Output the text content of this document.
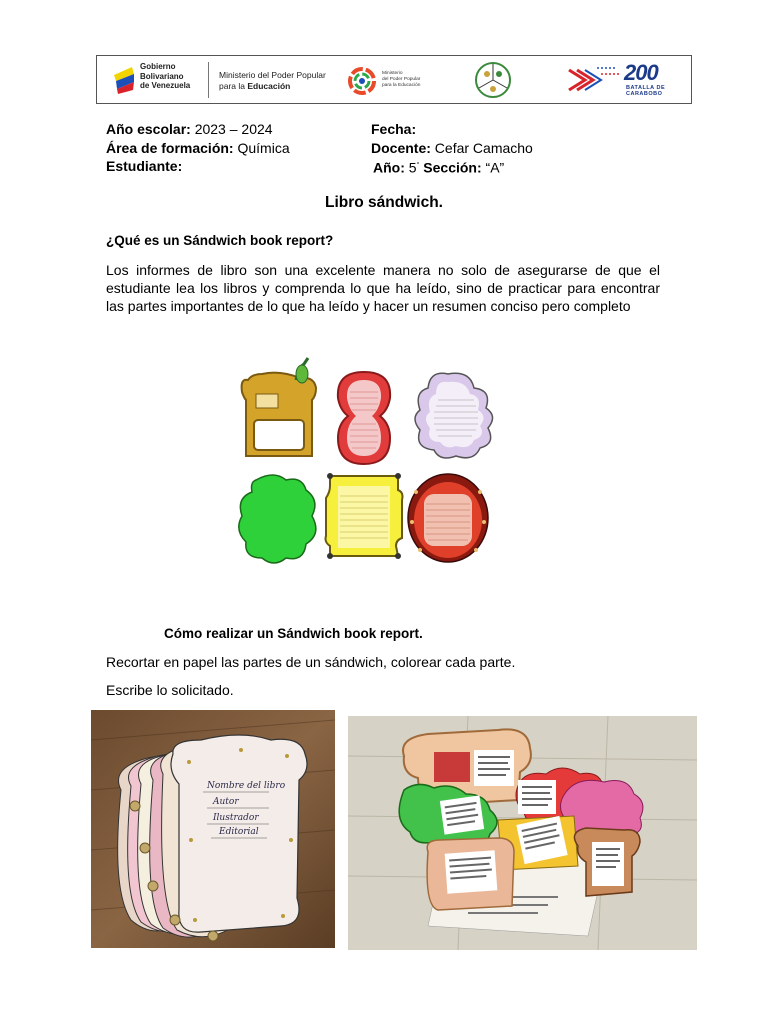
Gobierno
Bolivariano
de Venezuela
Ministerio del Poder Popular
para la Educación
Ministerio
del Poder Popular
para la Educación
200
BATALLA DE
CARABOBO
Año escolar: 2023 – 2024
Área de formación: Química
Estudiante:
Fecha:
Docente: Cefar Camacho
Año: 5° Sección: “A”
Libro sándwich.
¿Qué es un Sándwich book report?
Los informes de libro son una excelente manera no solo de asegurarse de que el estudiante lea los libros y comprenda lo que ha leído, sino de practicar para encontrar las partes importantes de lo que ha leído y hacer un resumen conciso pero completo
Cómo realizar un Sándwich book report.
Recortar en papel las partes de un sándwich, colorear cada parte.
Escribe lo solicitado.
Nombre del libro
Autor
Ilustrador
Editorial
